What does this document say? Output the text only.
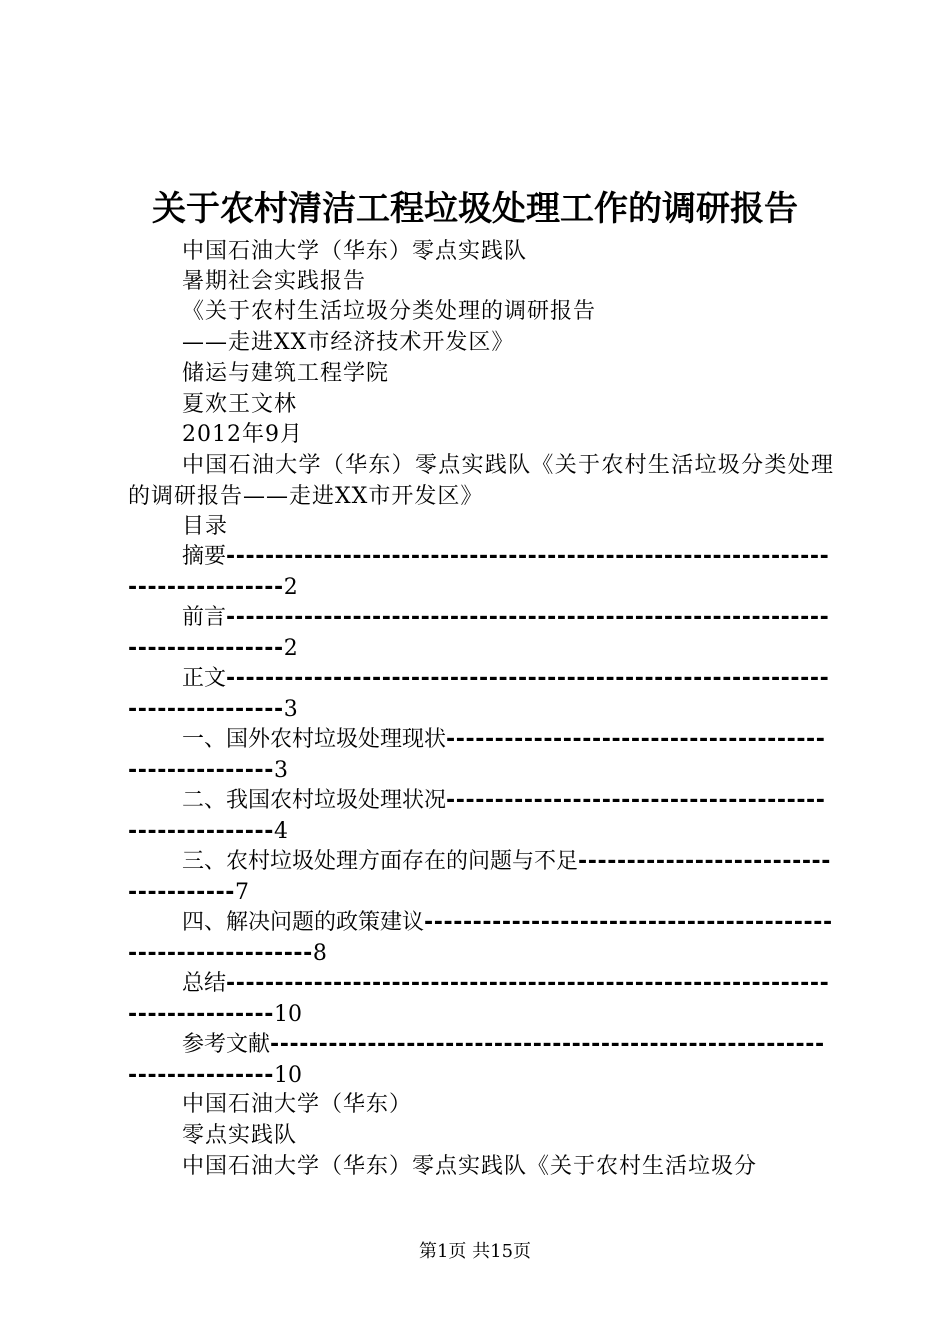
关于农村清洁工程垃圾处理工作的调研报告
中国石油大学（华东）零点实践队
暑期社会实践报告
《关于农村生活垃圾分类处理的调研报告
——走进XX市经济技术开发区》
储运与建筑工程学院
夏欢王文林
2012年9月
中国石油大学（华东）零点实践队《关于农村生活垃圾分类处理的调研报告——走进XX市开发区》
目录
摘要------------------------------------------------------------------------------2
前言------------------------------------------------------------------------------2
正文------------------------------------------------------------------------------3
一、国外农村垃圾处理现状------------------------------------------------------3
二、我国农村垃圾处理状况------------------------------------------------------4
三、农村垃圾处理方面存在的问题与不足-------------------------------------7
四、解决问题的政策建议-------------------------------------------------------------8
总结-----------------------------------------------------------------------------10
参考文献------------------------------------------------------------------------10
中国石油大学（华东）
零点实践队
中国石油大学（华东）零点实践队《关于农村生活垃圾分
第1页 共15页
